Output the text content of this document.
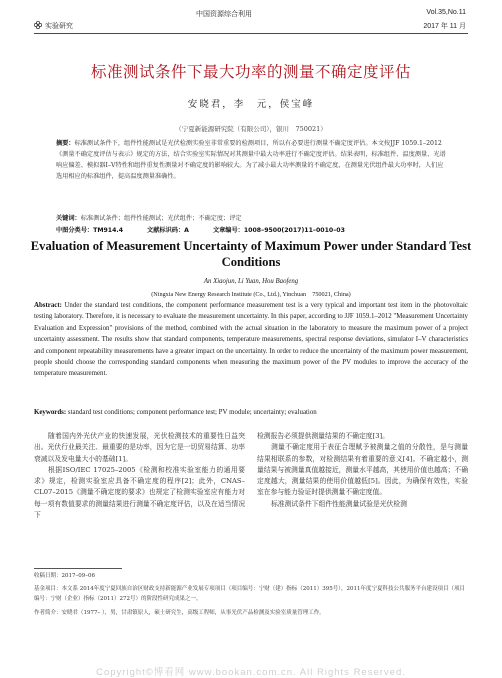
中国资源综合利用	Vol.35,No.11
实验研究	2017 年 11 月
标准测试条件下最大功率的测量不确定度评估
安晓君，李　元，侯宝峰
（宁夏新能源研究院（有限公司），银川　750021）
摘要：标准测试条件下，组件性能测试是光伏检测实验室非常重要的检测项目，所以有必要进行测量不确定度评估。本文按JJF 1059.1–2012《测量不确定度评估与表示》规定的方法，结合实验室实际情况对其测量中最大功率进行不确定度评估。结果表明，标准组件、温度测量、光谱响应偏差、模拟器I–V特性和组件重复性测量对不确定度的影响较大。为了减小最大功率测量的不确定度，在测量光伏组件最大功率时，人们应选用相应的标准组件，提高温度测量准确性。
关键词：标准测试条件；组件性能测试；光伏组件；不确定度；评定
中图分类号：TM914.4	文献标识码：A	文章编号：1008–9500(2017)11–0010–03
Evaluation of Measurement Uncertainty of Maximum Power under Standard Test Conditions
An Xiaojun, Li Yuan, Hou Baofeng
(Ningxia New Energy Research Institute (Co., Ltd.), Yinchuan　750021, China)
Abstract: Under the standard test conditions, the component performance measurement test is a very typical and important test item in the photovoltaic testing laboratory. Therefore, it is necessary to evaluate the measurement uncertainty. In this paper, according to JJF 1059.1–2012 "Measurement Uncertainty Evaluation and Expression" provisions of the method, combined with the actual situation in the laboratory to measure the maximum power of a project uncertainty assessment. The results show that standard components, temperature measurements, spectral response deviations, simulator I–V characteristics and component repeatability measurements have a greater impact on the uncertainty. In order to reduce the uncertainty of the maximum power measurement, people should choose the corresponding standard components when measuring the maximum power of the PV modules to improve the accuracy of the temperature measurement.
Keywords: standard test conditions; component performance test; PV module; uncertainty; evaluation

随着国内外光伏产业的快速发展，光伏检测技术的重要性日益突出。光伏行业最关注、最重要的是功率，因为它是一切贸易结算、功率衰减以及发电量大小的基础[1]。

根据ISO/IEC 17025–2005《检测和校准实验室能力的通用要求》规定，检测实验室应具备不确定度的程序[2]；此外，CNAS–CL07–2015《测量不确定度的要求》也规定了检测实验室应有能力对每一项有数值要求的测量结果进行测量不确定度评估，以及在适当情况下

检测报告必须提供测量结果的不确定度[3]。

测量不确定度用于表征合理赋予被测量之值的分散性，是与测量结果相联系的参数，对检测结果有着重要的意义[4]。不确定越小，测量结果与被测量真值越接近，测量水平越高，其使用价值也越高；不确定度越大，测量结果的使用价值越低[5]。因此，为确保有效性，实验室在参与能力验证时提供测量不确定度值。

标准测试条件下组件性能测量试验是光伏检测

收稿日期：2017–09–06
基金项目：本文系 2014年度宁夏回族自治区财政支持新能源产业发展专项项目（项目编号：宁财（建）指标（2011）395号），2011年度宁夏科技公共服务平台建设项目（项目编号：宁财（企业）指标（2011）272号）的阶段性研究成果之一。
作者简介：安晓君（1977– ），男，甘肃镇原人，硕士研究生，高级工程师，从事光伏产品检测及实验室质量管理工作。
Copyright©博看网 www.bookan.com.cn. All Rights Reserved.
